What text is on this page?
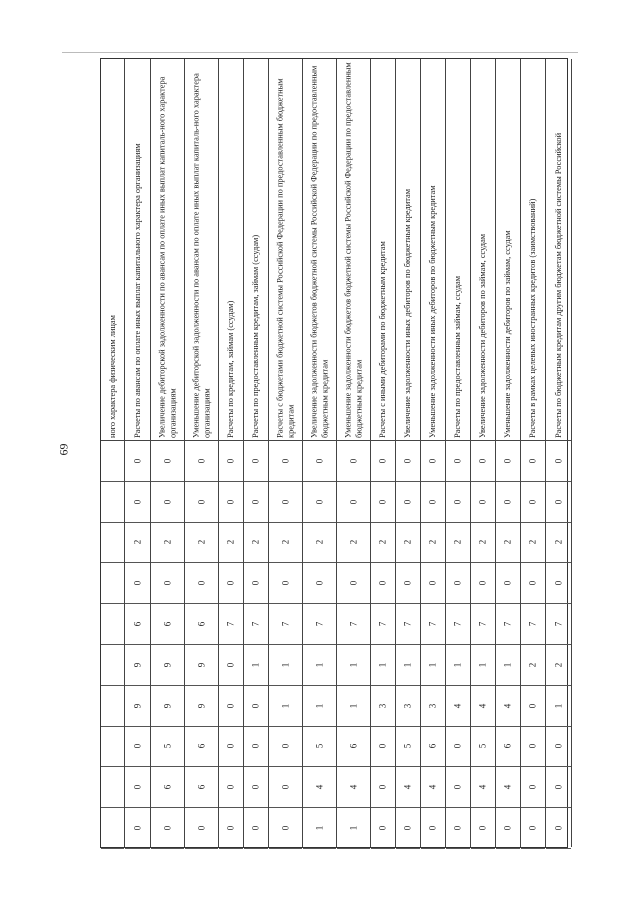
69
ного характера физическим лицам Расчеты по авансам по оплате иных выплат капитального характера организациям
0
0
2
0
6
9
9
0
0
0
Увеличение дебиторской задолженности по авансам по оплате иных выплат капиталь-ного характера организациям
0
0
2
0
6
9
9
5
6
0
Уменьшение дебиторской задолженности по авансам по оплате иных выплат капиталь-ного характера организациям
0
0
2
0
6
9
9
6
6
0
Расчеты по кредитам, займам (ссудам)
0
0
2
0
7
0
0
0
0
0
Расчеты по предоставленным кредитам, займам (ссудам)
0
0
2
0
7
1
0
0
0
0
Расчеты с бюджетами бюджетной системы Российской Федерации по предоставленным бюджетным кредитам
0
0
2
0
7
1
1
0
0
0
Увеличение задолженности бюджетов бюджетной системы Российской Федерации по предоставленным бюджетным кредитам
0
0
2
0
7
1
1
5
4
1
Уменьшение задолженности бюджетов бюджетной системы Российской Федерации по предоставленным бюджетным кредитам
0
0
2
0
7
1
1
6
4
1
Расчеты с иными дебиторами по бюджетным кредитам
0
0
2
0
7
1
3
0
0
0
Увеличение задолженности иных дебиторов по бюджетным кредитам
0
0
2
0
7
1
3
5
4
0
Уменьшение задолженности иных дебиторов по бюджетным кредитам
0
0
2
0
7
1
3
6
4
0
Расчеты по предоставленным займам, ссудам
0
0
2
0
7
1
4
0
0
0
Увеличение задолженности дебиторов по займам, ссудам
0
0
2
0
7
1
4
5
4
0
Уменьшение задолженности дебиторов по займам, ссудам
0
0
2
0
7
1
4
6
4
0
Расчеты в рамках целевых иностранных кредитов (заимствований)
0
0
2
0
7
2
0
0
0
0
Расчеты по бюджетным кредитам другим бюджетам бюджетной системы Российской
0
0
2
0
7
2
1
0
0
0
